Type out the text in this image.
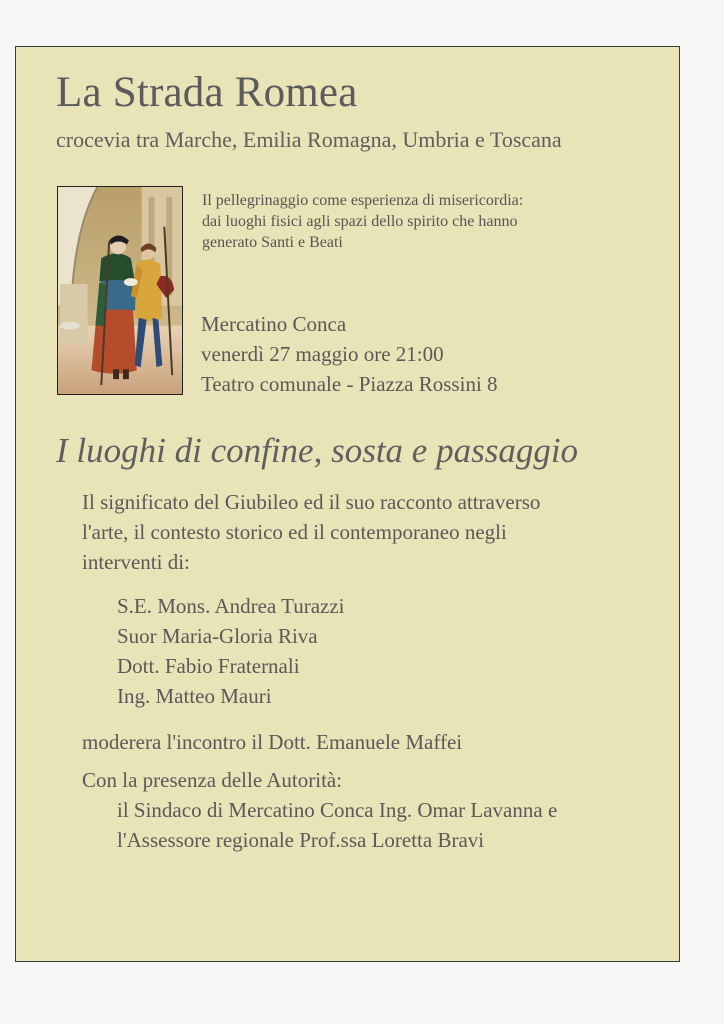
La Strada Romea
crocevia tra Marche, Emilia Romagna, Umbria e Toscana
Il pellegrinaggio come esperienza di misericordia:
dai luoghi fisici agli spazi dello spirito che hanno
generato Santi e Beati
Mercatino Conca
venerdì 27 maggio ore 21:00
Teatro comunale - Piazza Rossini 8
I luoghi di confine, sosta e passaggio
Il significato del Giubileo ed il suo racconto attraverso
l'arte, il contesto storico ed il contemporaneo negli
interventi di:
S.E. Mons. Andrea Turazzi
Suor Maria-Gloria Riva
Dott. Fabio Fraternali
Ing. Matteo Mauri
moderera l'incontro il Dott. Emanuele Maffei
Con la presenza delle Autorità:
il Sindaco di Mercatino Conca Ing. Omar Lavanna e
l'Assessore regionale Prof.ssa Loretta Bravi
